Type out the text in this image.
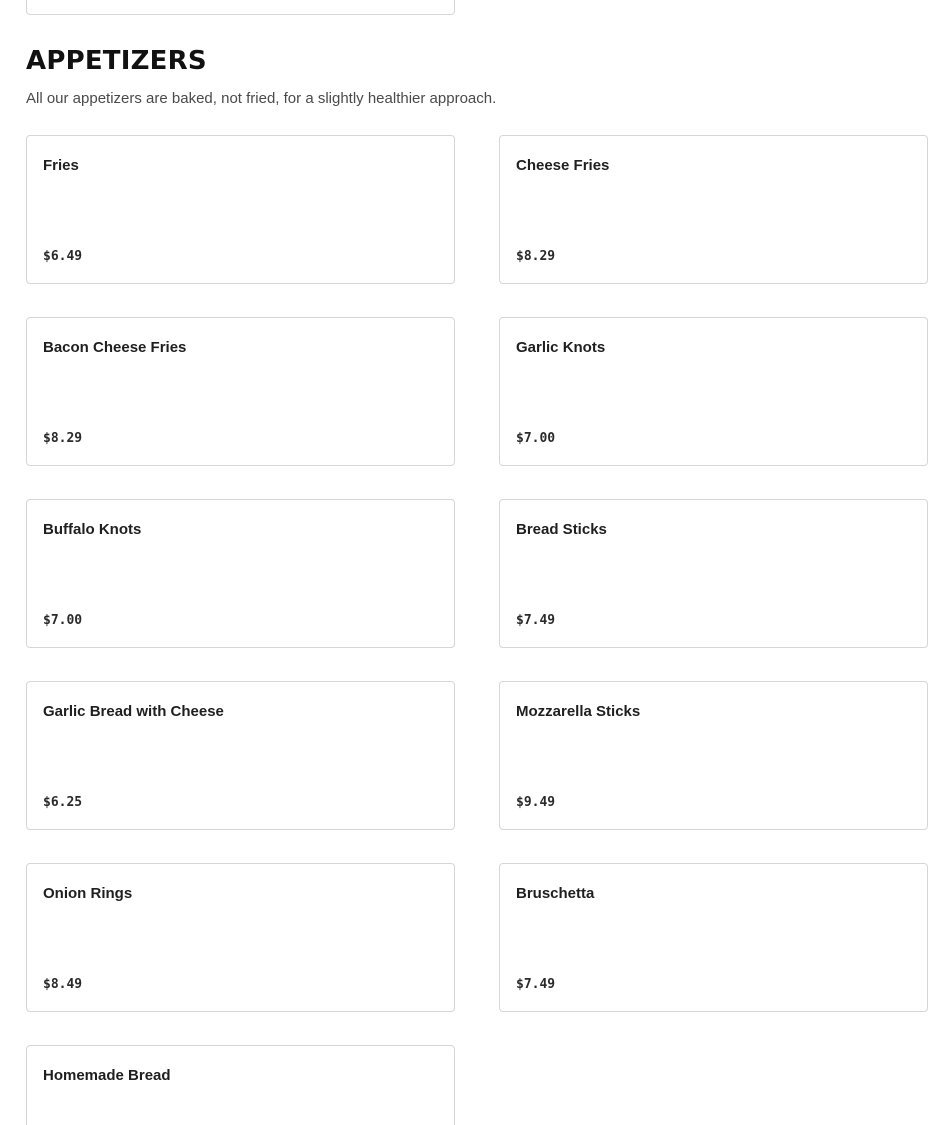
APPETIZERS

All our appetizers are baked, not fried, for a slightly healthier approach.

Fries
$6.49
Cheese Fries
$8.29
Bacon Cheese Fries
$8.29
Garlic Knots
$7.00
Buffalo Knots
$7.00
Bread Sticks
$7.49
Garlic Bread with Cheese
$6.25
Mozzarella Sticks
$9.49
Onion Rings
$8.49
Bruschetta
$7.49
Homemade Bread
